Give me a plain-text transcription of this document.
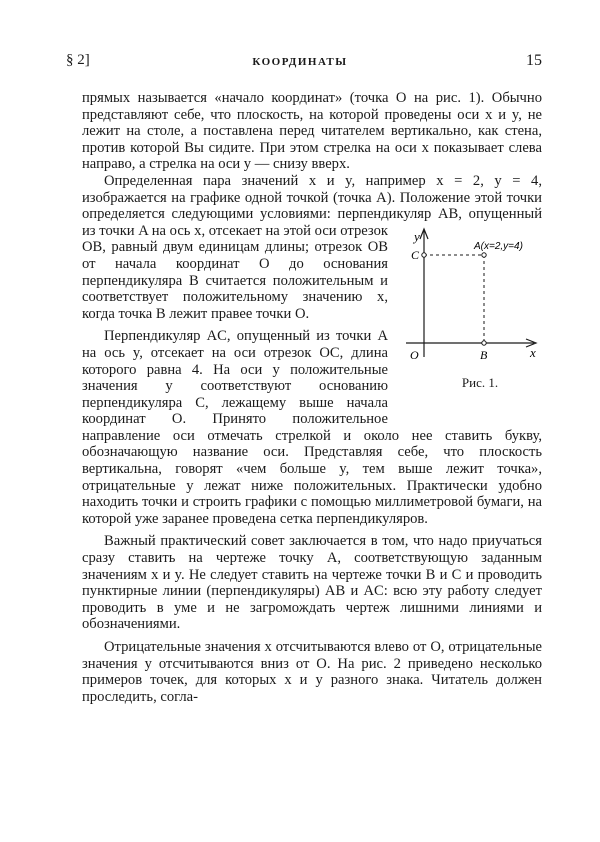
§ 2]	КООРДИНАТЫ	15

прямых называется «начало координат» (точка O на рис. 1). Обычно представляют себе, что плоскость, на которой проведены оси x и y, не лежит на столе, а поставлена перед читателем вертикально, как стена, против которой Вы сидите. При этом стрелка на оси x показывает слева направо, а стрелка на оси y — снизу вверх.

Определенная пара значений x и y, например x = 2, y = 4, изображается на графике одной точкой (точка A). Положение этой точки определяется следующими условиями: перпендикуляр AB, опущенный из точки A на	y
x
O
C
B
A(x=2,y=4)
Рис. 1.
ось x, отсекает на этой оси отрезок OB, равный двум единицам длины; отрезок OB от начала координат O до основания перпендикуляра B считается положительным и соответствует положительному значению x, когда точка B лежит правее точки O.

Перпендикуляр AC, опущенный из точки A на ось y, отсекает на оси отрезок OC, длина которого равна 4. На оси y положительные значения y соответствуют основанию перпендикуляра C, лежащему выше начала координат O. Принято положительное направление оси отмечать стрелкой и около нее ставить букву, обозначающую название оси. Представляя себе, что плоскость вертикальна, говорят «чем больше y, тем выше лежит точка», отрицательные y лежат ниже положительных. Практически удобно находить точки и строить графики с помощью миллиметровой бумаги, на которой уже заранее проведена сетка перпендикуляров.

Важный практический совет заключается в том, что надо приучаться сразу ставить на чертеже точку A, соответствующую заданным значениям x и y. Не следует ставить на чертеже точки B и C и проводить пунктирные линии (перпендикуляры) AB и AC: всю эту работу следует проводить в уме и не загромождать чертеж лишними линиями и обозначениями.

Отрицательные значения x отсчитываются влево от O, отрицательные значения y отсчитываются вниз от O. На рис. 2 приведено несколько примеров точек, для которых x и y разного знака. Читатель должен проследить, согла-
